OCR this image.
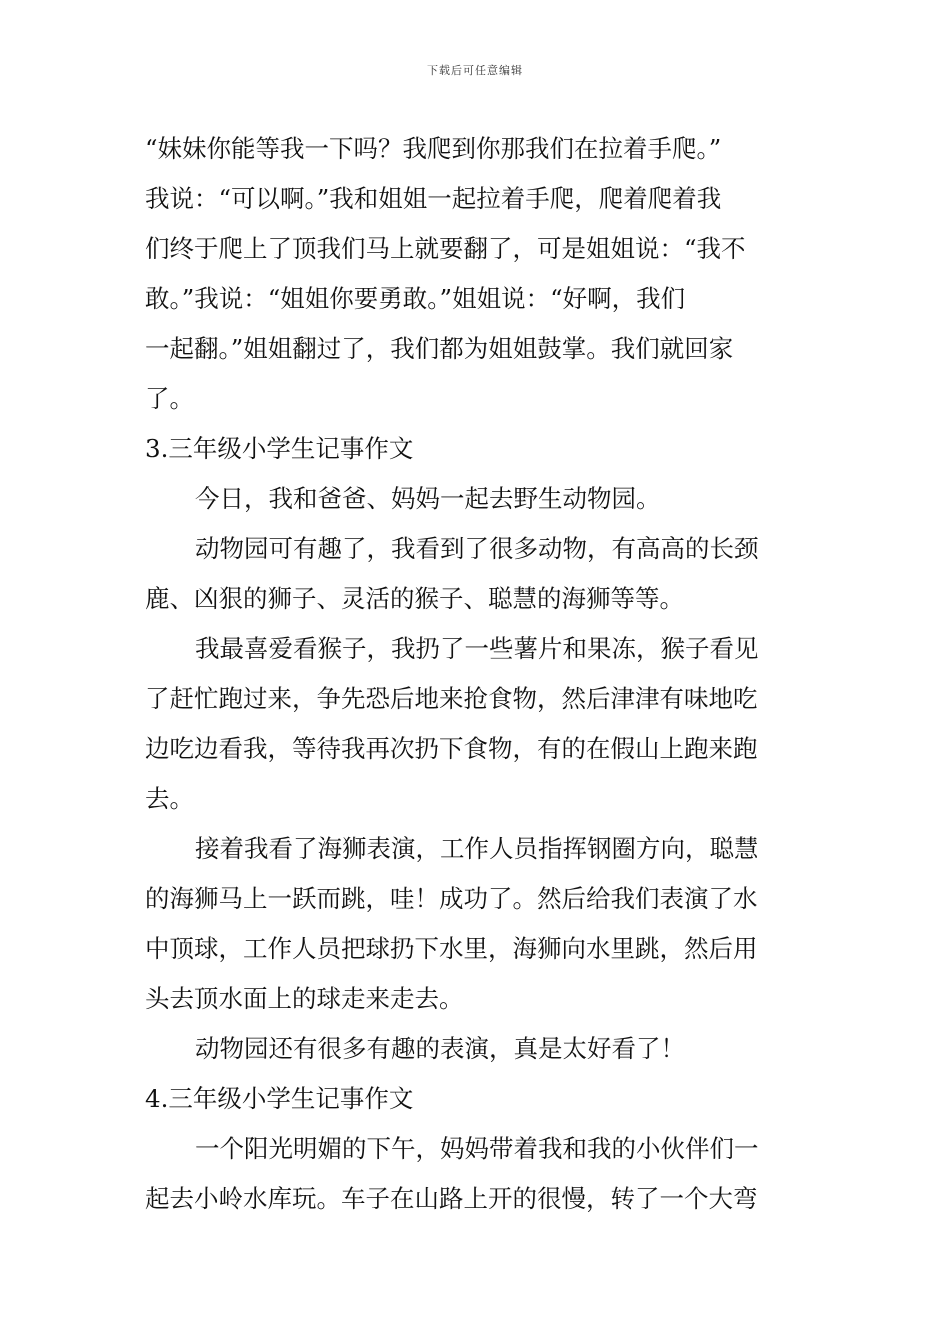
下载后可任意编辑
“妹妹你能等我一下吗？我爬到你那我们在拉着手爬。”
我说：“可以啊。”我和姐姐一起拉着手爬，爬着爬着我
们终于爬上了顶我们马上就要翻了，可是姐姐说：“我不
敢。”我说：“姐姐你要勇敢。”姐姐说：“好啊，我们
一起翻。”姐姐翻过了，我们都为姐姐鼓掌。我们就回家
了。
3.三年级小学生记事作文
今日，我和爸爸、妈妈一起去野生动物园。
动物园可有趣了，我看到了很多动物，有高高的长颈
鹿、凶狠的狮子、灵活的猴子、聪慧的海狮等等。
我最喜爱看猴子，我扔了一些薯片和果冻，猴子看见
了赶忙跑过来，争先恐后地来抢食物，然后津津有味地吃
边吃边看我，等待我再次扔下食物，有的在假山上跑来跑
去。
接着我看了海狮表演，工作人员指挥钢圈方向，聪慧
的海狮马上一跃而跳，哇！成功了。然后给我们表演了水
中顶球，工作人员把球扔下水里，海狮向水里跳，然后用
头去顶水面上的球走来走去。
动物园还有很多有趣的表演，真是太好看了！
4.三年级小学生记事作文
一个阳光明媚的下午，妈妈带着我和我的小伙伴们一
起去小岭水库玩。车子在山路上开的很慢，转了一个大弯
